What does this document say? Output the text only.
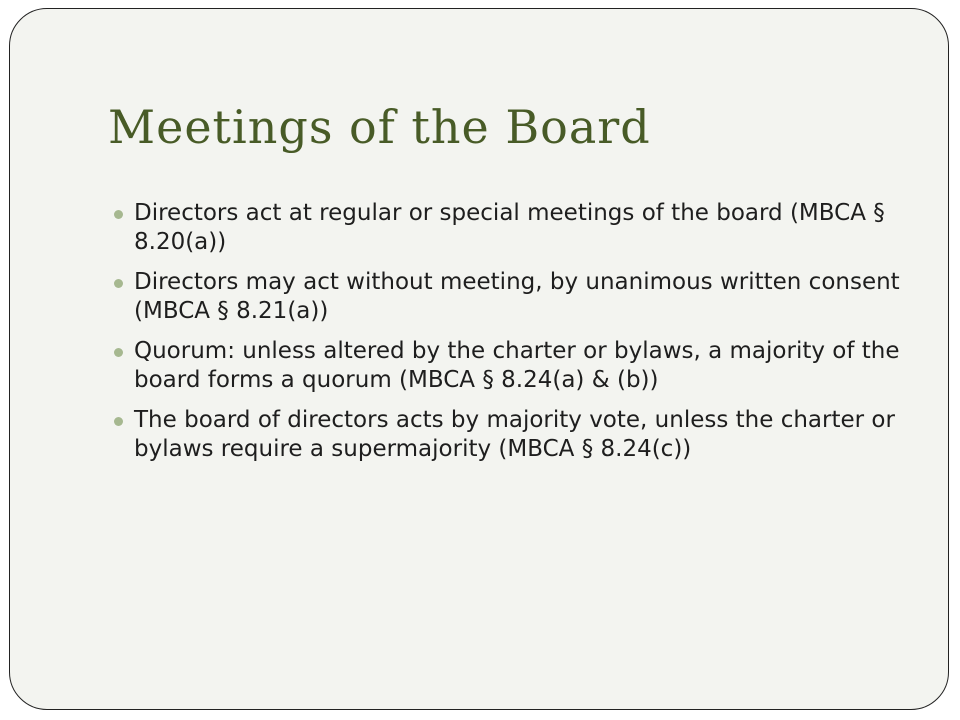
Meetings of the Board
Directors act at regular or special meetings of the board (MBCA § 8.20(a))
Directors may act without meeting, by unanimous written consent (MBCA § 8.21(a))
Quorum: unless altered by the charter or bylaws, a majority of the board forms a quorum (MBCA § 8.24(a) & (b))
The board of directors acts by majority vote, unless the charter or bylaws require a supermajority (MBCA § 8.24(c))
